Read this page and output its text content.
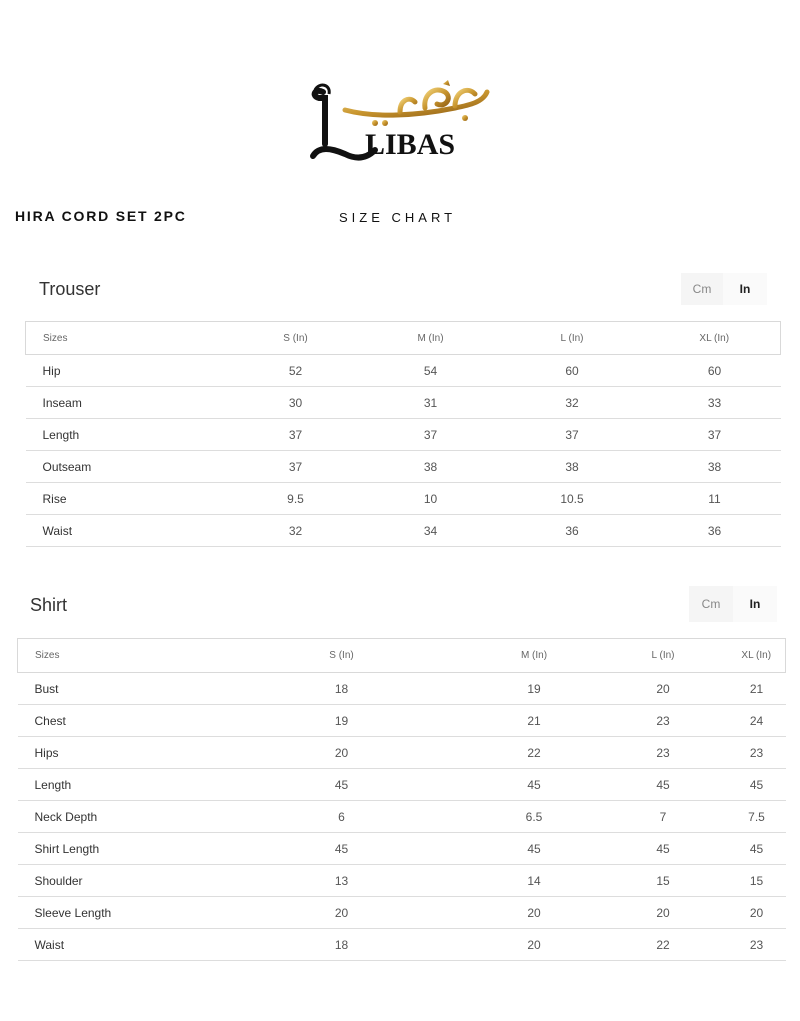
LIBAS
HIRA CORD SET 2PC	SIZE CHART
Trouser	Cm	In
Sizes	S (In)	M (In)	L (In)	XL (In)
Hip	52	54	60	60
Inseam	30	31	32	33
Length	37	37	37	37
Outseam	37	38	38	38
Rise	9.5	10	10.5	11
Waist	32	34	36	36
Shirt	Cm	In
Sizes	S (In)	M (In)	L (In)	XL (In)
Bust	18	19	20	21
Chest	19	21	23	24
Hips	20	22	23	23
Length	45	45	45	45
Neck Depth	6	6.5	7	7.5
Shirt Length	45	45	45	45
Shoulder	13	14	15	15
Sleeve Length	20	20	20	20
Waist	18	20	22	23
